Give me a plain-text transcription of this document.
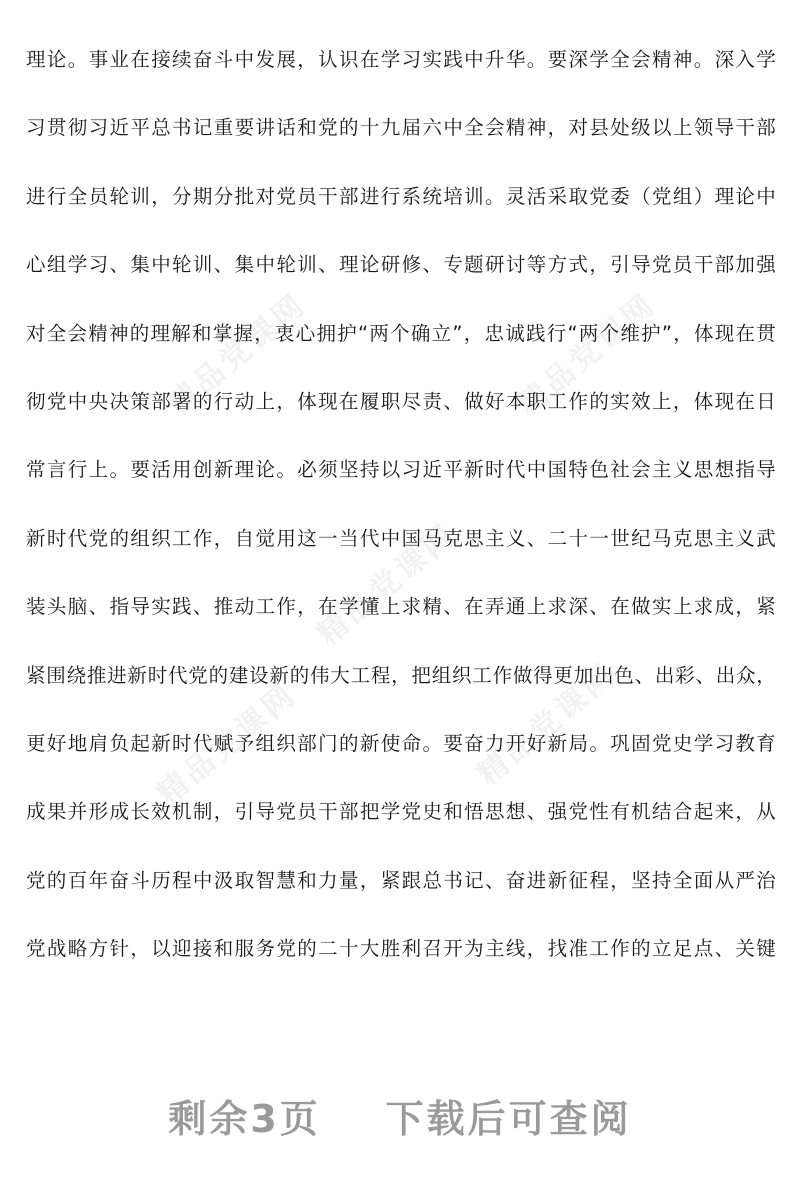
精品党课网	精品党课网
精品党课网
精品党课网	精品党课网
理论。事业在接续奋斗中发展，认识在学习实践中升华。要深学全会精神。深入学
习贯彻习近平总书记重要讲话和党的十九届六中全会精神，对县处级以上领导干部
进行全员轮训，分期分批对党员干部进行系统培训。灵活采取党委（党组）理论中
心组学习、集中轮训、集中轮训、理论研修、专题研讨等方式，引导党员干部加强
对全会精神的理解和掌握，衷心拥护“两个确立”，忠诚践行“两个维护”，体现在贯
彻党中央决策部署的行动上，体现在履职尽责、做好本职工作的实效上，体现在日
常言行上。要活用创新理论。必须坚持以习近平新时代中国特色社会主义思想指导
新时代党的组织工作，自觉用这一当代中国马克思主义、二十一世纪马克思主义武
装头脑、指导实践、推动工作，在学懂上求精、在弄通上求深、在做实上求成，紧
紧围绕推进新时代党的建设新的伟大工程，把组织工作做得更加出色、出彩、出众，
更好地肩负起新时代赋予组织部门的新使命。要奋力开好新局。巩固党史学习教育
成果并形成长效机制，引导党员干部把学党史和悟思想、强党性有机结合起来，从
党的百年奋斗历程中汲取智慧和力量，紧跟总书记、奋进新征程，坚持全面从严治
党战略方针，以迎接和服务党的二十大胜利召开为主线，找准工作的立足点、关键
剩余3页    下载后可查阅
